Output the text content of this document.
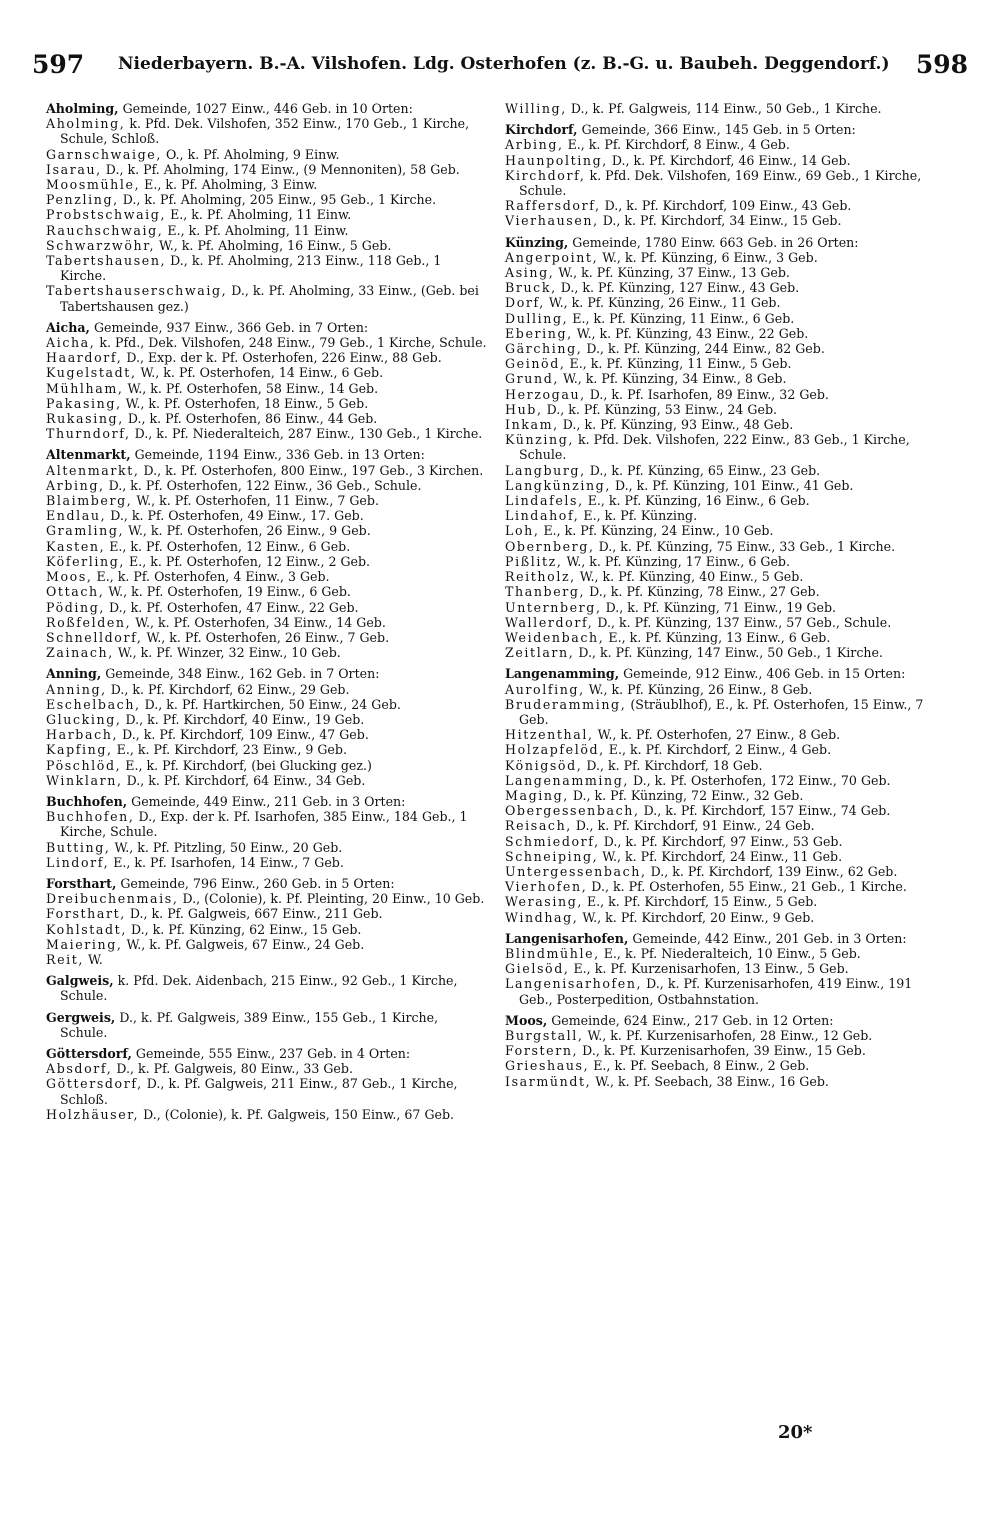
597 Niederbayern. B.-A. Vilshofen. Ldg. Osterhofen (z. B.-G. u. Baubeh. Deggendorf.) 598
Aholming, Gemeinde, 1027 Einw., 446 Geb. in 10 Orten:
Aholming, k. Pfd. Dek. Vilshofen, 352 Einw., 170 Geb., 1 Kirche, Schule, Schloß.
Garnschwaige, O., k. Pf. Aholming, 9 Einw.
Isarau, D., k. Pf. Aholming, 174 Einw., (9 Mennoniten), 58 Geb.
Moosmühle, E., k. Pf. Aholming, 3 Einw.
Penzling, D., k. Pf. Aholming, 205 Einw., 95 Geb., 1 Kirche.
Probstschwaig, E., k. Pf. Aholming, 11 Einw.
Rauchschwaig, E., k. Pf. Aholming, 11 Einw.
Schwarzwöhr, W., k. Pf. Aholming, 16 Einw., 5 Geb.
Tabertshausen, D., k. Pf. Aholming, 213 Einw., 118 Geb., 1 Kirche.
Tabertshauserschwaig, D., k. Pf. Aholming, 33 Einw., (Geb. bei Tabertshausen gez.)
Aicha, Gemeinde, 937 Einw., 366 Geb. in 7 Orten:
Aicha, k. Pfd., Dek. Vilshofen, 248 Einw., 79 Geb., 1 Kirche, Schule.
Haardorf, D., Exp. der k. Pf. Osterhofen, 226 Einw., 88 Geb.
Kugelstadt, W., k. Pf. Osterhofen, 14 Einw., 6 Geb.
Mühlham, W., k. Pf. Osterhofen, 58 Einw., 14 Geb.
Pakasing, W., k. Pf. Osterhofen, 18 Einw., 5 Geb.
Rukasing, D., k. Pf. Osterhofen, 86 Einw., 44 Geb.
Thurndorf, D., k. Pf. Niederalteich, 287 Einw., 130 Geb., 1 Kirche.
Altenmarkt, Gemeinde, 1194 Einw., 336 Geb. in 13 Orten:
Altenmarkt, D., k. Pf. Osterhofen, 800 Einw., 197 Geb., 3 Kirchen.
Arbing, D., k. Pf. Osterhofen, 122 Einw., 36 Geb., Schule.
Blaimberg, W., k. Pf. Osterhofen, 11 Einw., 7 Geb.
Endlau, D., k. Pf. Osterhofen, 49 Einw., 17. Geb.
Gramling, W., k. Pf. Osterhofen, 26 Einw., 9 Geb.
Kasten, E., k. Pf. Osterhofen, 12 Einw., 6 Geb.
Köferling, E., k. Pf. Osterhofen, 12 Einw., 2 Geb.
Moos, E., k. Pf. Osterhofen, 4 Einw., 3 Geb.
Ottach, W., k. Pf. Osterhofen, 19 Einw., 6 Geb.
Pöding, D., k. Pf. Osterhofen, 47 Einw., 22 Geb.
Roßfelden, W., k. Pf. Osterhofen, 34 Einw., 14 Geb.
Schnelldorf, W., k. Pf. Osterhofen, 26 Einw., 7 Geb.
Zainach, W., k. Pf. Winzer, 32 Einw., 10 Geb.
Anning, Gemeinde, 348 Einw., 162 Geb. in 7 Orten:
Anning, D., k. Pf. Kirchdorf, 62 Einw., 29 Geb.
Eschelbach, D., k. Pf. Hartkirchen, 50 Einw., 24 Geb.
Glucking, D., k. Pf. Kirchdorf, 40 Einw., 19 Geb.
Harbach, D., k. Pf. Kirchdorf, 109 Einw., 47 Geb.
Kapfing, E., k. Pf. Kirchdorf, 23 Einw., 9 Geb.
Pöschlöd, E., k. Pf. Kirchdorf, (bei Glucking gez.)
Winklarn, D., k. Pf. Kirchdorf, 64 Einw., 34 Geb.
Buchhofen, Gemeinde, 449 Einw., 211 Geb. in 3 Orten:
Buchhofen, D., Exp. der k. Pf. Isarhofen, 385 Einw., 184 Geb., 1 Kirche, Schule.
Butting, W., k. Pf. Pitzling, 50 Einw., 20 Geb.
Lindorf, E., k. Pf. Isarhofen, 14 Einw., 7 Geb.
Forsthart, Gemeinde, 796 Einw., 260 Geb. in 5 Orten:
Dreibuchenmais, D., (Colonie), k. Pf. Pleinting, 20 Einw., 10 Geb.
Forsthart, D., k. Pf. Galgweis, 667 Einw., 211 Geb.
Kohlstadt, D., k. Pf. Künzing, 62 Einw., 15 Geb.
Maiering, W., k. Pf. Galgweis, 67 Einw., 24 Geb.
Reit, W.
Galgweis, k. Pfd. Dek. Aidenbach, 215 Einw., 92 Geb., 1 Kirche, Schule.
Gergweis, D., k. Pf. Galgweis, 389 Einw., 155 Geb., 1 Kirche, Schule.
Göttersdorf, Gemeinde, 555 Einw., 237 Geb. in 4 Orten:
Absdorf, D., k. Pf. Galgweis, 80 Einw., 33 Geb.
Göttersdorf, D., k. Pf. Galgweis, 211 Einw., 87 Geb., 1 Kirche, Schloß.
Holzhäuser, D., (Colonie), k. Pf. Galgweis, 150 Einw., 67 Geb.
Willing, D., k. Pf. Galgweis, 114 Einw., 50 Geb., 1 Kirche.
Kirchdorf, Gemeinde, 366 Einw., 145 Geb. in 5 Orten:
Arbing, E., k. Pf. Kirchdorf, 8 Einw., 4 Geb.
Haunpolting, D., k. Pf. Kirchdorf, 46 Einw., 14 Geb.
Kirchdorf, k. Pfd. Dek. Vilshofen, 169 Einw., 69 Geb., 1 Kirche, Schule.
Raffersdorf, D., k. Pf. Kirchdorf, 109 Einw., 43 Geb.
Vierhausen, D., k. Pf. Kirchdorf, 34 Einw., 15 Geb.
Künzing, Gemeinde, 1780 Einw. 663 Geb. in 26 Orten:
Angerpoint, W., k. Pf. Künzing, 6 Einw., 3 Geb.
Asing, W., k. Pf. Künzing, 37 Einw., 13 Geb.
Bruck, D., k. Pf. Künzing, 127 Einw., 43 Geb.
Dorf, W., k. Pf. Künzing, 26 Einw., 11 Geb.
Dulling, E., k. Pf. Künzing, 11 Einw., 6 Geb.
Ebering, W., k. Pf. Künzing, 43 Einw., 22 Geb.
Gärching, D., k. Pf. Künzing, 244 Einw., 82 Geb.
Geinöd, E., k. Pf. Künzing, 11 Einw., 5 Geb.
Grund, W., k. Pf. Künzing, 34 Einw., 8 Geb.
Herzogau, D., k. Pf. Isarhofen, 89 Einw., 32 Geb.
Hub, D., k. Pf. Künzing, 53 Einw., 24 Geb.
Inkam, D., k. Pf. Künzing, 93 Einw., 48 Geb.
Künzing, k. Pfd. Dek. Vilshofen, 222 Einw., 83 Geb., 1 Kirche, Schule.
Langburg, D., k. Pf. Künzing, 65 Einw., 23 Geb.
Langkünzing, D., k. Pf. Künzing, 101 Einw., 41 Geb.
Lindafels, E., k. Pf. Künzing, 16 Einw., 6 Geb.
Lindahof, E., k. Pf. Künzing.
Loh, E., k. Pf. Künzing, 24 Einw., 10 Geb.
Obernberg, D., k. Pf. Künzing, 75 Einw., 33 Geb., 1 Kirche.
Pißlitz, W., k. Pf. Künzing, 17 Einw., 6 Geb.
Reitholz, W., k. Pf. Künzing, 40 Einw., 5 Geb.
Thanberg, D., k. Pf. Künzing, 78 Einw., 27 Geb.
Unternberg, D., k. Pf. Künzing, 71 Einw., 19 Geb.
Wallerdorf, D., k. Pf. Künzing, 137 Einw., 57 Geb., Schule.
Weidenbach, E., k. Pf. Künzing, 13 Einw., 6 Geb.
Zeitlarn, D., k. Pf. Künzing, 147 Einw., 50 Geb., 1 Kirche.
Langenamming, Gemeinde, 912 Einw., 406 Geb. in 15 Orten:
Aurolfing, W., k. Pf. Künzing, 26 Einw., 8 Geb.
Bruderamming, (Sträublhof), E., k. Pf. Osterhofen, 15 Einw., 7 Geb.
Hitzenthal, W., k. Pf. Osterhofen, 27 Einw., 8 Geb.
Holzapfelöd, E., k. Pf. Kirchdorf, 2 Einw., 4 Geb.
Königsöd, D., k. Pf. Kirchdorf, 18 Geb.
Langenamming, D., k. Pf. Osterhofen, 172 Einw., 70 Geb.
Maging, D., k. Pf. Künzing, 72 Einw., 32 Geb.
Obergessenbach, D., k. Pf. Kirchdorf, 157 Einw., 74 Geb.
Reisach, D., k. Pf. Kirchdorf, 91 Einw., 24 Geb.
Schmiedorf, D., k. Pf. Kirchdorf, 97 Einw., 53 Geb.
Schneiping, W., k. Pf. Kirchdorf, 24 Einw., 11 Geb.
Untergessenbach, D., k. Pf. Kirchdorf, 139 Einw., 62 Geb.
Vierhofen, D., k. Pf. Osterhofen, 55 Einw., 21 Geb., 1 Kirche.
Werasing, E., k. Pf. Kirchdorf, 15 Einw., 5 Geb.
Windhag, W., k. Pf. Kirchdorf, 20 Einw., 9 Geb.
Langenisarhofen, Gemeinde, 442 Einw., 201 Geb. in 3 Orten:
Blindmühle, E., k. Pf. Niederalteich, 10 Einw., 5 Geb.
Gielsöd, E., k. Pf. Kurzenisarhofen, 13 Einw., 5 Geb.
Langenisarhofen, D., k. Pf. Kurzenisarhofen, 419 Einw., 191 Geb., Posterpedition, Ostbahnstation.
Moos, Gemeinde, 624 Einw., 217 Geb. in 12 Orten:
Burgstall, W., k. Pf. Kurzenisarhofen, 28 Einw., 12 Geb.
Forstern, D., k. Pf. Kurzenisarhofen, 39 Einw., 15 Geb.
Grieshaus, E., k. Pf. Seebach, 8 Einw., 2 Geb.
Isarmündt, W., k. Pf. Seebach, 38 Einw., 16 Geb.
20*
